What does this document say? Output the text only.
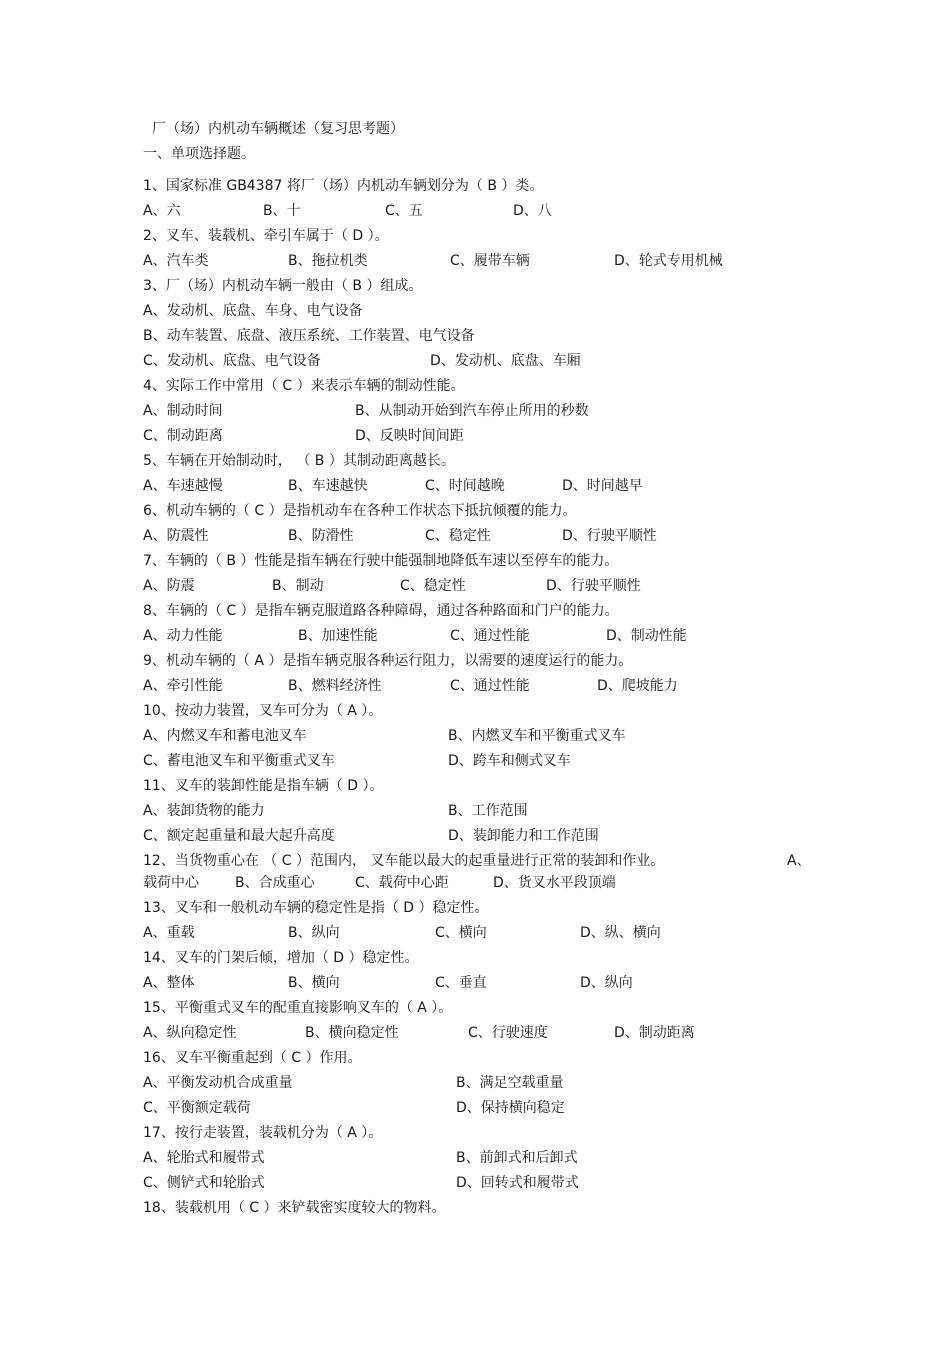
厂（场）内机动车辆概述（复习思考题）
一、单项选择题。
1、国家标准 GB4387 将厂（场）内机动车辆划分为（ B ）类。
A、六	B、十	C、五	D、八
2、叉车、装载机、牵引车属于（ D ）。
A、汽车类	B、拖拉机类	C、履带车辆	D、轮式专用机械
3、厂（场）内机动车辆一般由（ B ）组成。
A、发动机、底盘、车身、电气设备
B、动车装置、底盘、液压系统、工作装置、电气设备
C、发动机、底盘、电气设备	D、发动机、底盘、车厢
4、实际工作中常用（ C ）来表示车辆的制动性能。
A、制动时间	B、从制动开始到汽车停止所用的秒数
C、制动距离	D、反映时间间距
5、车辆在开始制动时， （ B ）其制动距离越长。
A、车速越慢	B、车速越快	C、时间越晚	D、时间越早
6、机动车辆的（ C ）是指机动车在各种工作状态下抵抗倾覆的能力。
A、防震性	B、防滑性	C、稳定性	D、行驶平顺性
7、车辆的（ B ）性能是指车辆在行驶中能强制地降低车速以至停车的能力。
A、防震	B、制动	C、稳定性	D、行驶平顺性
8、车辆的（ C ）是指车辆克服道路各种障碍，通过各种路面和门户的能力。
A、动力性能	B、加速性能	C、通过性能	D、制动性能
9、机动车辆的（ A ）是指车辆克服各种运行阻力，以需要的速度运行的能力。
A、牵引性能	B、燃料经济性	C、通过性能	D、爬坡能力
10、按动力装置，叉车可分为（ A ）。
A、内燃叉车和蓄电池叉车	B、内燃叉车和平衡重式叉车
C、蓄电池叉车和平衡重式叉车	D、跨车和侧式叉车
11、叉车的装卸性能是指车辆（ D ）。
A、装卸货物的能力	B、工作范围
C、额定起重量和最大起升高度	D、装卸能力和工作范围
12、当货物重心在 （ C ）范围内， 叉车能以最大的起重量进行正常的装卸和作业。	A、
载荷中心	B、合成重心	C、载荷中心距	D、货叉水平段顶端
13、叉车和一般机动车辆的稳定性是指（ D ）稳定性。
A、重载	B、纵向	C、横向	D、纵、横向
14、叉车的门架后倾，增加（ D ）稳定性。
A、整体	B、横向	C、垂直	D、纵向
15、平衡重式叉车的配重直接影响叉车的（ A ）。
A、纵向稳定性	B、横向稳定性	C、行驶速度	D、制动距离
16、叉车平衡重起到（ C ）作用。
A、平衡发动机合成重量	B、满足空载重量
C、平衡额定载荷	D、保持横向稳定
17、按行走装置，装载机分为（ A ）。
A、轮胎式和履带式	B、前卸式和后卸式
C、侧铲式和轮胎式	D、回转式和履带式
18、装载机用（ C ）来铲载密实度较大的物料。
